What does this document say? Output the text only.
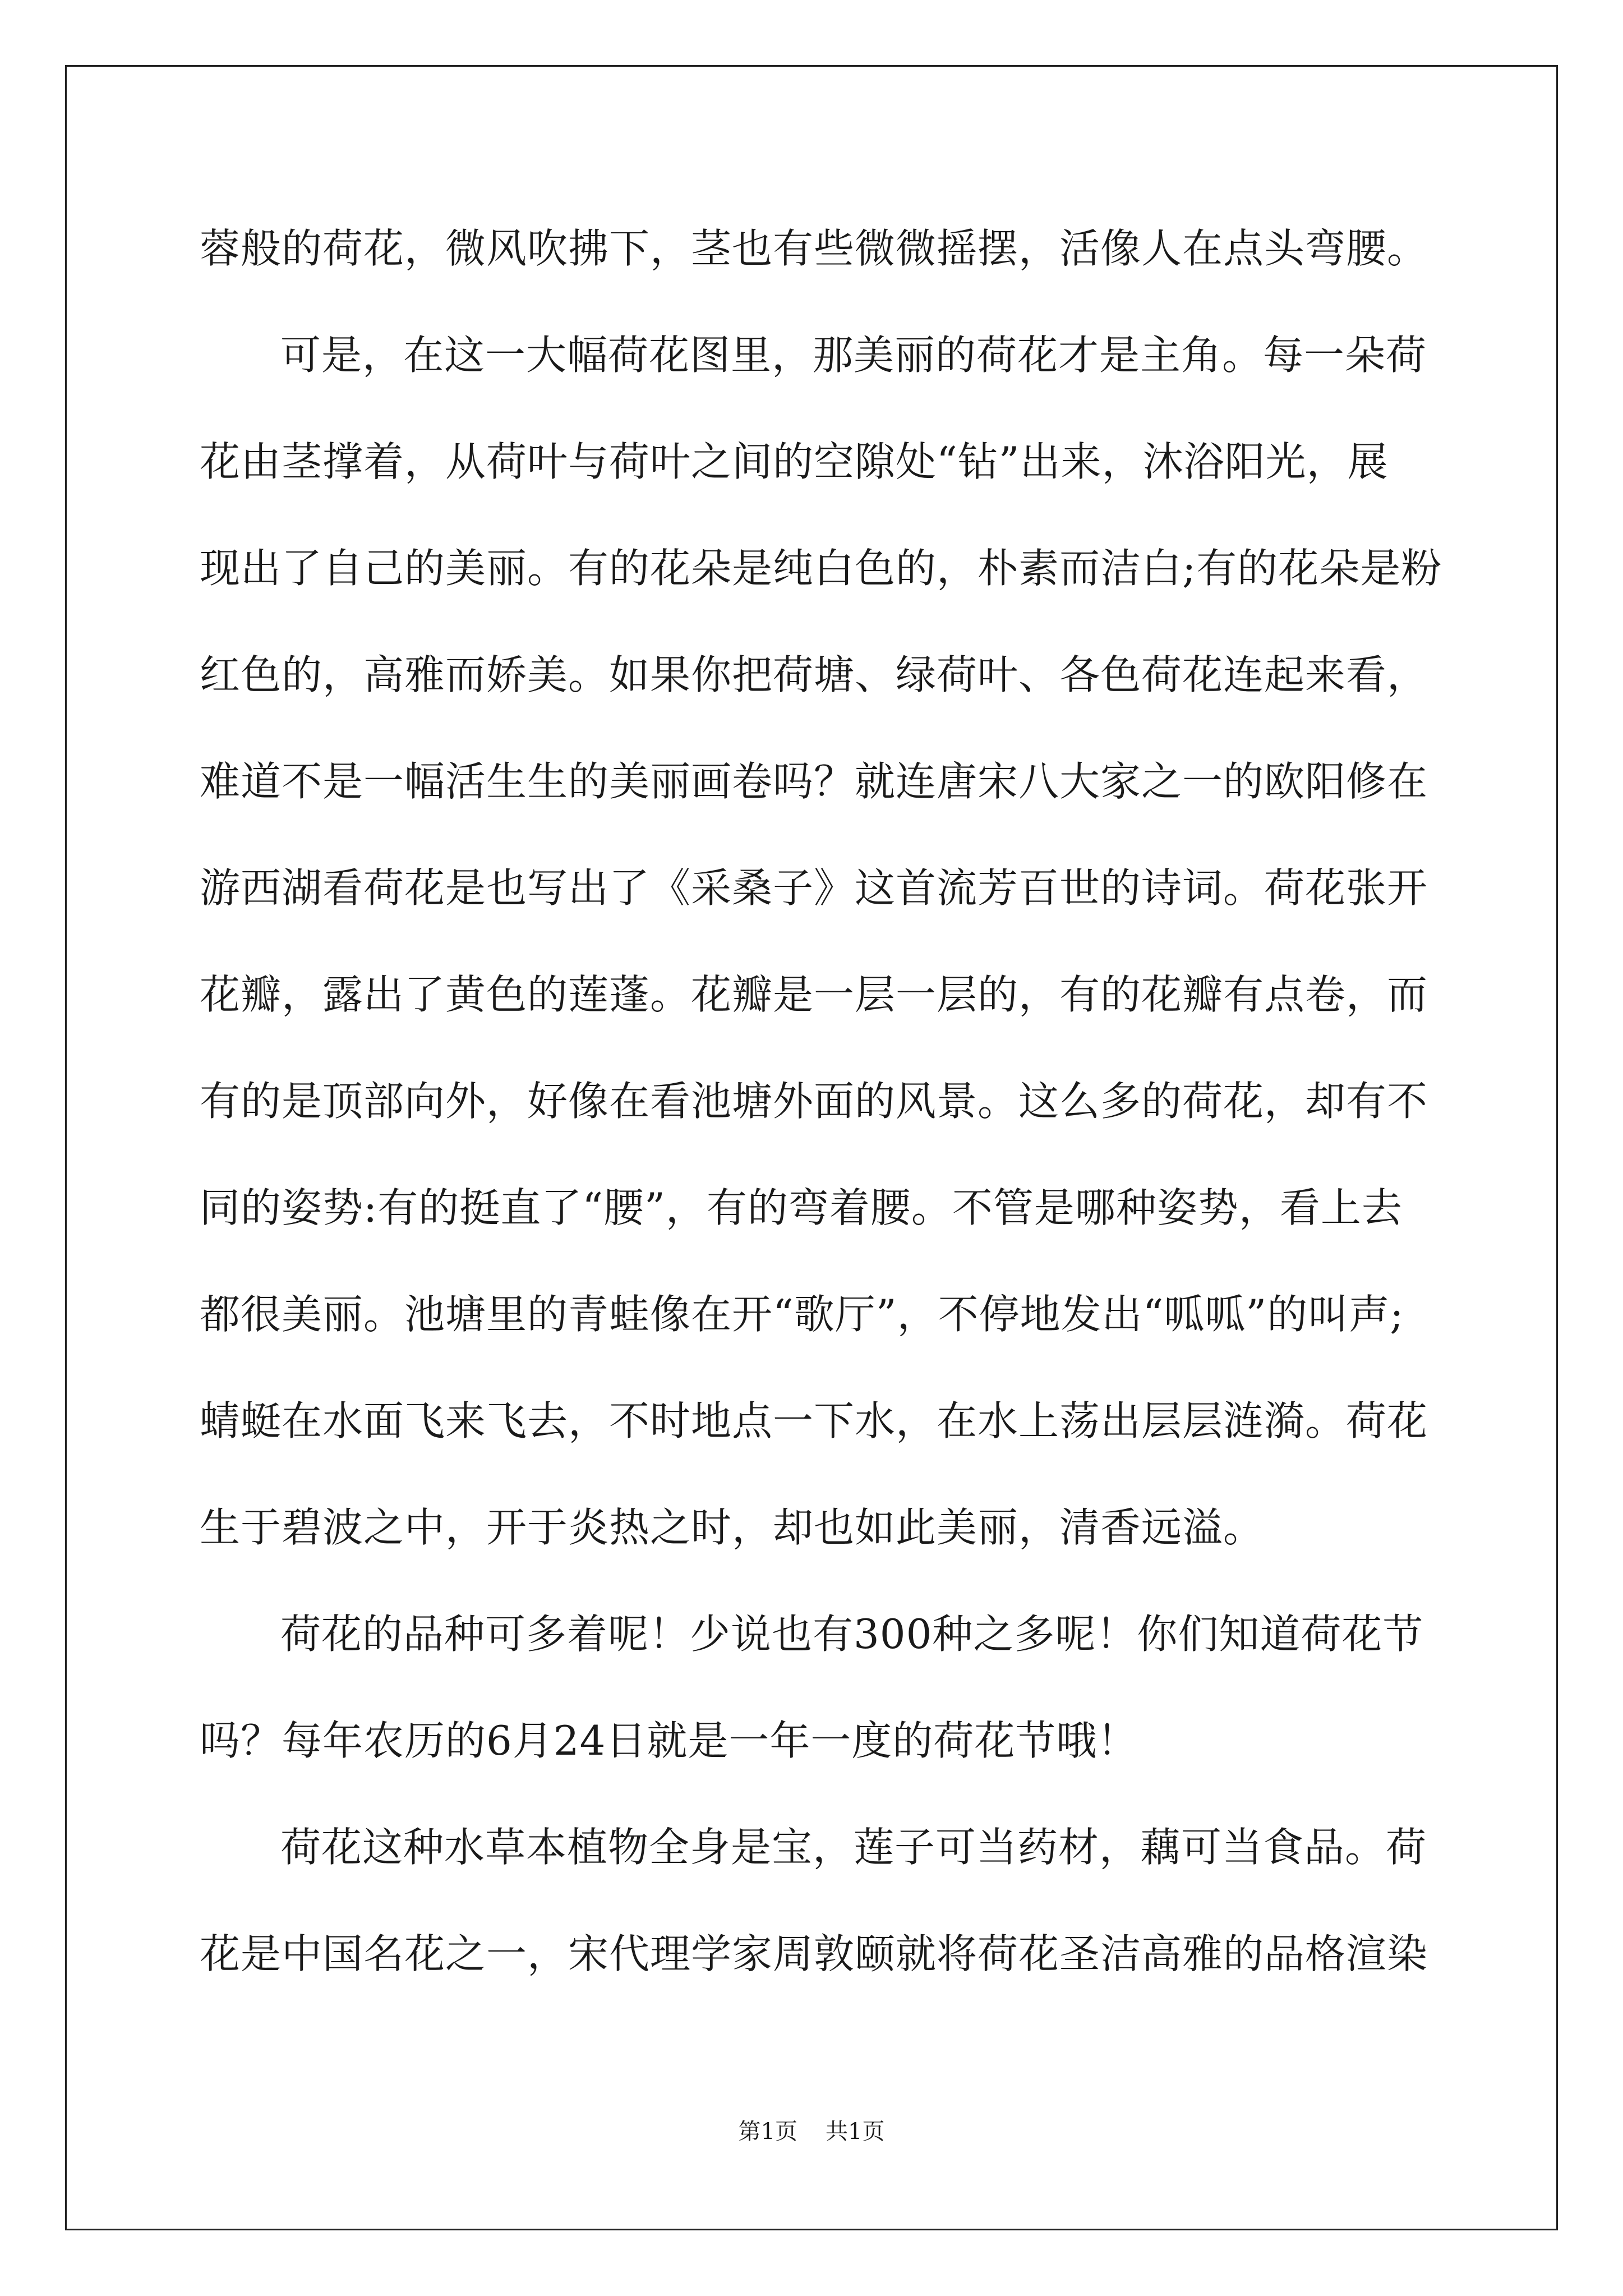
蓉般的荷花，微风吹拂下，茎也有些微微摇摆，活像人在点头弯腰。
可是，在这一大幅荷花图里，那美丽的荷花才是主角。每一朵荷
花由茎撑着，从荷叶与荷叶之间的空隙处“钻”出来，沐浴阳光，展
现出了自己的美丽。有的花朵是纯白色的，朴素而洁白;有的花朵是粉
红色的，高雅而娇美。如果你把荷塘、绿荷叶、各色荷花连起来看，
难道不是一幅活生生的美丽画卷吗？就连唐宋八大家之一的欧阳修在
游西湖看荷花是也写出了《采桑子》这首流芳百世的诗词。荷花张开
花瓣，露出了黄色的莲蓬。花瓣是一层一层的，有的花瓣有点卷，而
有的是顶部向外，好像在看池塘外面的风景。这么多的荷花，却有不
同的姿势:有的挺直了“腰”，有的弯着腰。不管是哪种姿势，看上去
都很美丽。池塘里的青蛙像在开“歌厅”，不停地发出“呱呱”的叫声;
蜻蜓在水面飞来飞去，不时地点一下水，在水上荡出层层涟漪。荷花
生于碧波之中，开于炎热之时，却也如此美丽，清香远溢。
荷花的品种可多着呢！少说也有300种之多呢！你们知道荷花节
吗？每年农历的6月24日就是一年一度的荷花节哦！
荷花这种水草本植物全身是宝，莲子可当药材，藕可当食品。荷
花是中国名花之一，宋代理学家周敦颐就将荷花圣洁高雅的品格渲染
第1页 共1页
